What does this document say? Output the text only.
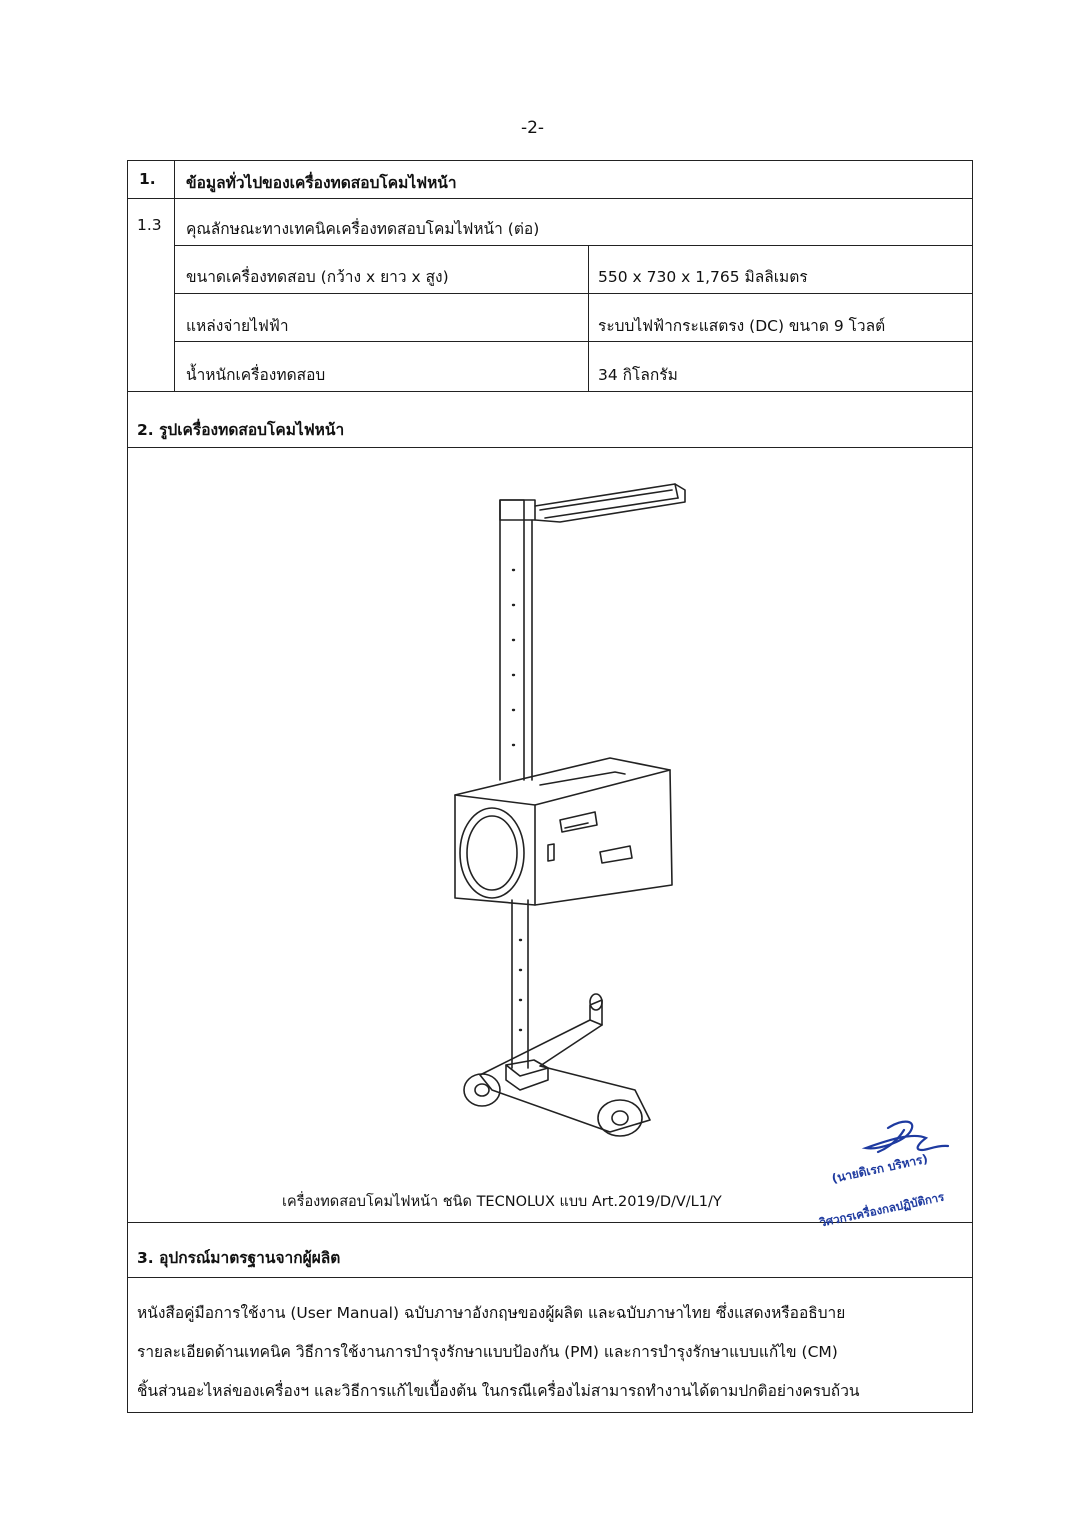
-2-
1. ข้อมูลทั่วไปของเครื่องทดสอบโคมไฟหน้า
1.3 คุณลักษณะทางเทคนิคเครื่องทดสอบโคมไฟหน้า (ต่อ)
ขนาดเครื่องทดสอบ (กว้าง x ยาว x สูง)	550 x 730 x 1,765 มิลลิเมตร
แหล่งจ่ายไฟฟ้า	ระบบไฟฟ้ากระแสตรง (DC) ขนาด 9 โวลต์
น้ำหนักเครื่องทดสอบ	34 กิโลกรัม
2. รูปเครื่องทดสอบโคมไฟหน้า
เครื่องทดสอบโคมไฟหน้า ชนิด TECNOLUX แบบ Art.2019/D/V/L1/Y
(นายดิเรก บริหาร)
วิศวกรเครื่องกลปฏิบัติการ
3. อุปกรณ์มาตรฐานจากผู้ผลิต
หนังสือคู่มือการใช้งาน (User Manual) ฉบับภาษาอังกฤษของผู้ผลิต และฉบับภาษาไทย ซึ่งแสดงหรืออธิบาย
รายละเอียดด้านเทคนิค วิธีการใช้งานการบำรุงรักษาแบบป้องกัน (PM) และการบำรุงรักษาแบบแก้ไข (CM)
ชิ้นส่วนอะไหล่ของเครื่องฯ และวิธีการแก้ไขเบื้องต้น ในกรณีเครื่องไม่สามารถทำงานได้ตามปกติอย่างครบถ้วน
